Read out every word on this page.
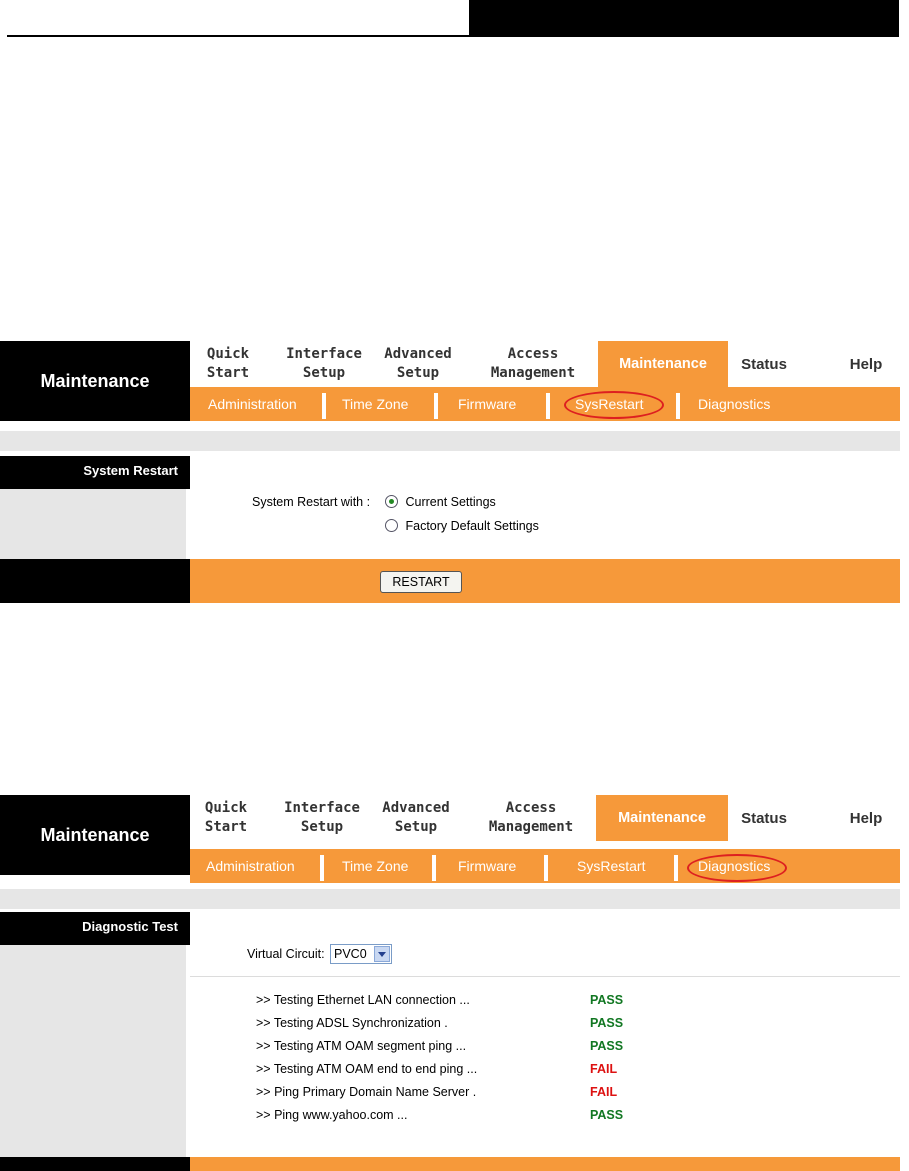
Maintenance
Quick
Start
Interface
Setup
Advanced
Setup
Access
Management
Maintenance	Status	Help
Administration	Time Zone	Firmware	SysRestart	Diagnostics
System Restart
System Restart with :	Current Settings
Factory Default Settings
RESTART
Maintenance
Quick
Start
Interface
Setup
Advanced
Setup
Access
Management
Maintenance	Status	Help
Administration	Time Zone	Firmware	SysRestart	Diagnostics
Diagnostic Test
Virtual Circuit: PVC0
>> Testing Ethernet LAN connection ...	PASS
>> Testing ADSL Synchronization .	PASS
>> Testing ATM OAM segment ping ...	PASS
>> Testing ATM OAM end to end ping ...	FAIL
>> Ping Primary Domain Name Server .	FAIL
>> Ping www.yahoo.com ...	PASS
